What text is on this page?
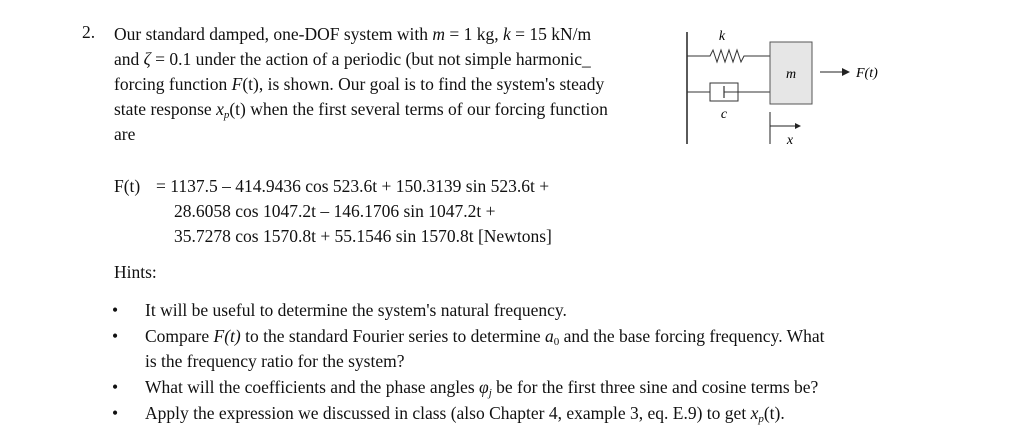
2. Our standard damped, one-DOF system with m = 1 kg, k = 15 kN/m
and ζ = 0.1 under the action of a periodic (but not simple harmonic_
forcing function F(t), is shown. Our goal is to find the system's steady
state response $x_p(t)$ when the first several terms of our forcing function
are
F(t) = 1137.5 – 414.9436 cos 523.6t + 150.3139 sin 523.6t +
28.6058 cos 1047.2t – 146.1706 sin 1047.2t +
35.7278 cos 1570.8t + 55.1546 sin 1570.8t [Newtons]
Hints:
• It will be useful to determine the system's natural frequency.
• Compare F(t) to the standard Fourier series to determine $a_0$ and the base forcing frequency. What
is the frequency ratio for the system?
• What will the coefficients and the phase angles $\varphi_j$ be for the first three sine and cosine terms be?
• Apply the expression we discussed in class (also Chapter 4, example 3, eq. E.9) to get $x_p(t)$.
k
c
m	F(t)
x
